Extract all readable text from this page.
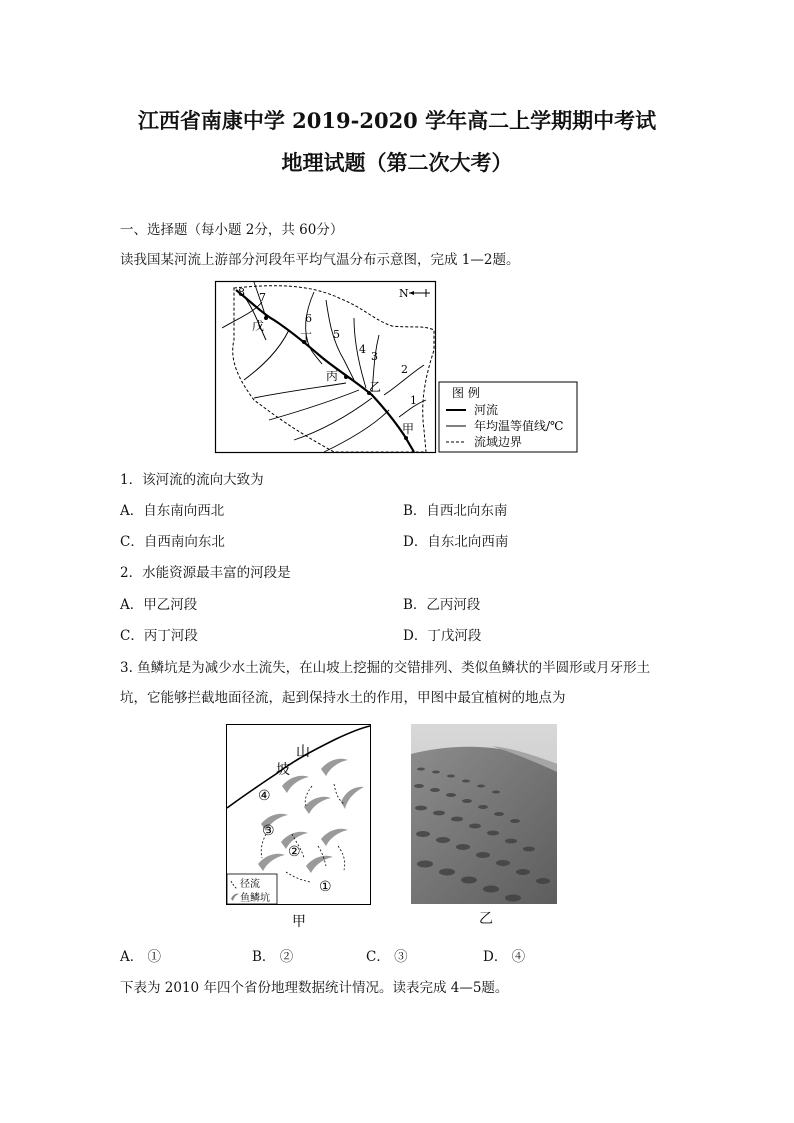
江西省南康中学 2019-2020 学年高二上学期期中考试
地理试题（第二次大考）
一、选择题（每小题 2分，共 60分）
读我国某河流上游部分河段年平均气温分布示意图，完成 1—2题。
8 7
6
5
4
3
2
1
戊
丁
丙
乙
甲
N
图 例
河流
年均温等值线/℃
流域边界
1．该河流的流向大致为
A．自东南向西北	B．自西北向东南
C．自西南向东北	D．自东北向西南
2．水能资源最丰富的河段是
A．甲乙河段	B．乙丙河段
C．丙丁河段	D．丁戊河段
3. 鱼鳞坑是为减少水土流失，在山坡上挖掘的交错排列、类似鱼鳞状的半圆形或月牙形土
坑，它能够拦截地面径流，起到保持水土的作用，甲图中最宜植树的地点为
山
坡
④
③
②
①
径流
鱼鳞坑
甲	乙
A． ①	B． ②	C． ③	D． ④
下表为 2010 年四个省份地理数据统计情况。读表完成 4—5题。
